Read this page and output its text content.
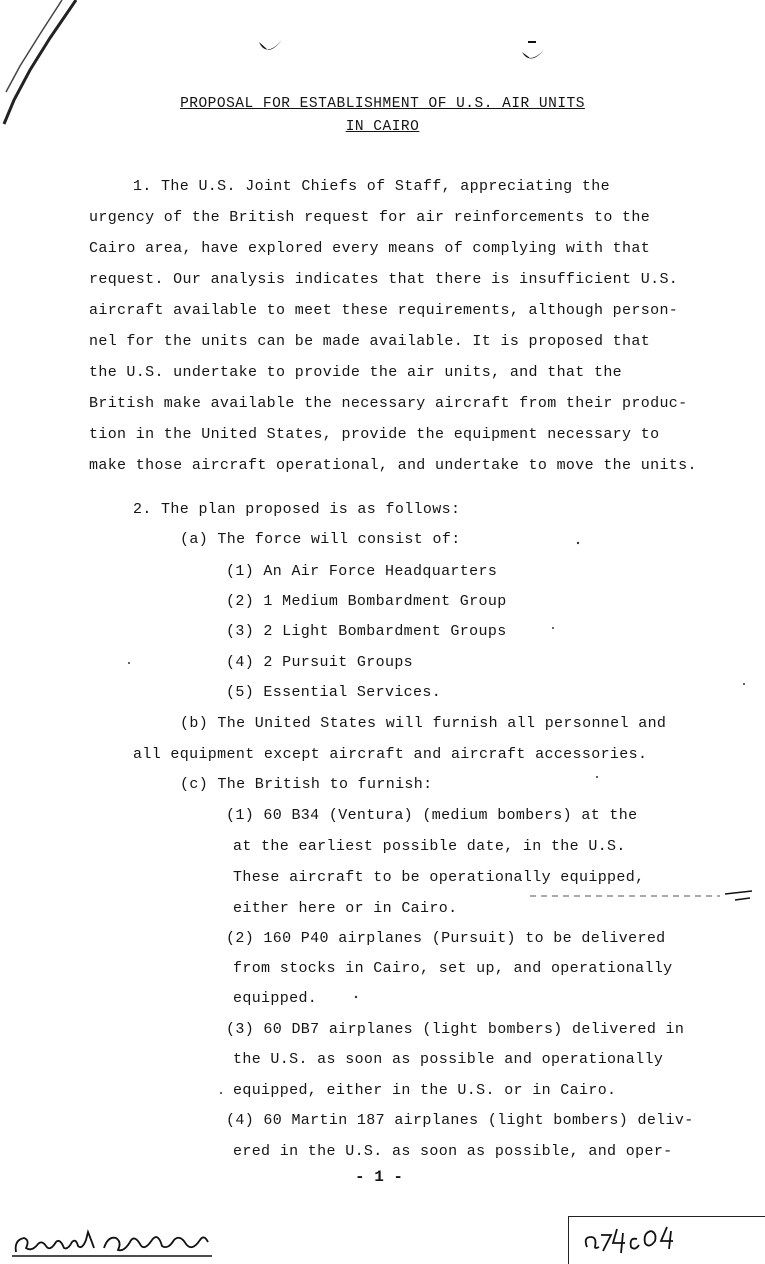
PROPOSAL FOR ESTABLISHMENT OF U.S. AIR UNITS
IN CAIRO
1. The U.S. Joint Chiefs of Staff, appreciating the
urgency of the British request for air reinforcements to the
Cairo area, have explored every means of complying with that
request. Our analysis indicates that there is insufficient U.S.
aircraft available to meet these requirements, although person-
nel for the units can be made available. It is proposed that
the U.S. undertake to provide the air units, and that the
British make available the necessary aircraft from their produc-
tion in the United States, provide the equipment necessary to
make those aircraft operational, and undertake to move the units.
2. The plan proposed is as follows:
(a) The force will consist of:
(1) An Air Force Headquarters
(2) 1 Medium Bombardment Group
(3) 2 Light Bombardment Groups
(4) 2 Pursuit Groups
(5) Essential Services.
(b) The United States will furnish all personnel and
all equipment except aircraft and aircraft accessories.
(c) The British to furnish:
(1) 60 B34 (Ventura) (medium bombers) at the
at the earliest possible date, in the U.S.
These aircraft to be operationally equipped,
either here or in Cairo.
(2) 160 P40 airplanes (Pursuit) to be delivered
from stocks in Cairo, set up, and operationally
equipped.
(3) 60 DB7 airplanes (light bombers) delivered in
the U.S. as soon as possible and operationally
equipped, either in the U.S. or in Cairo.
(4) 60 Martin 187 airplanes (light bombers) deliv-
ered in the U.S. as soon as possible, and oper-
- 1 -
